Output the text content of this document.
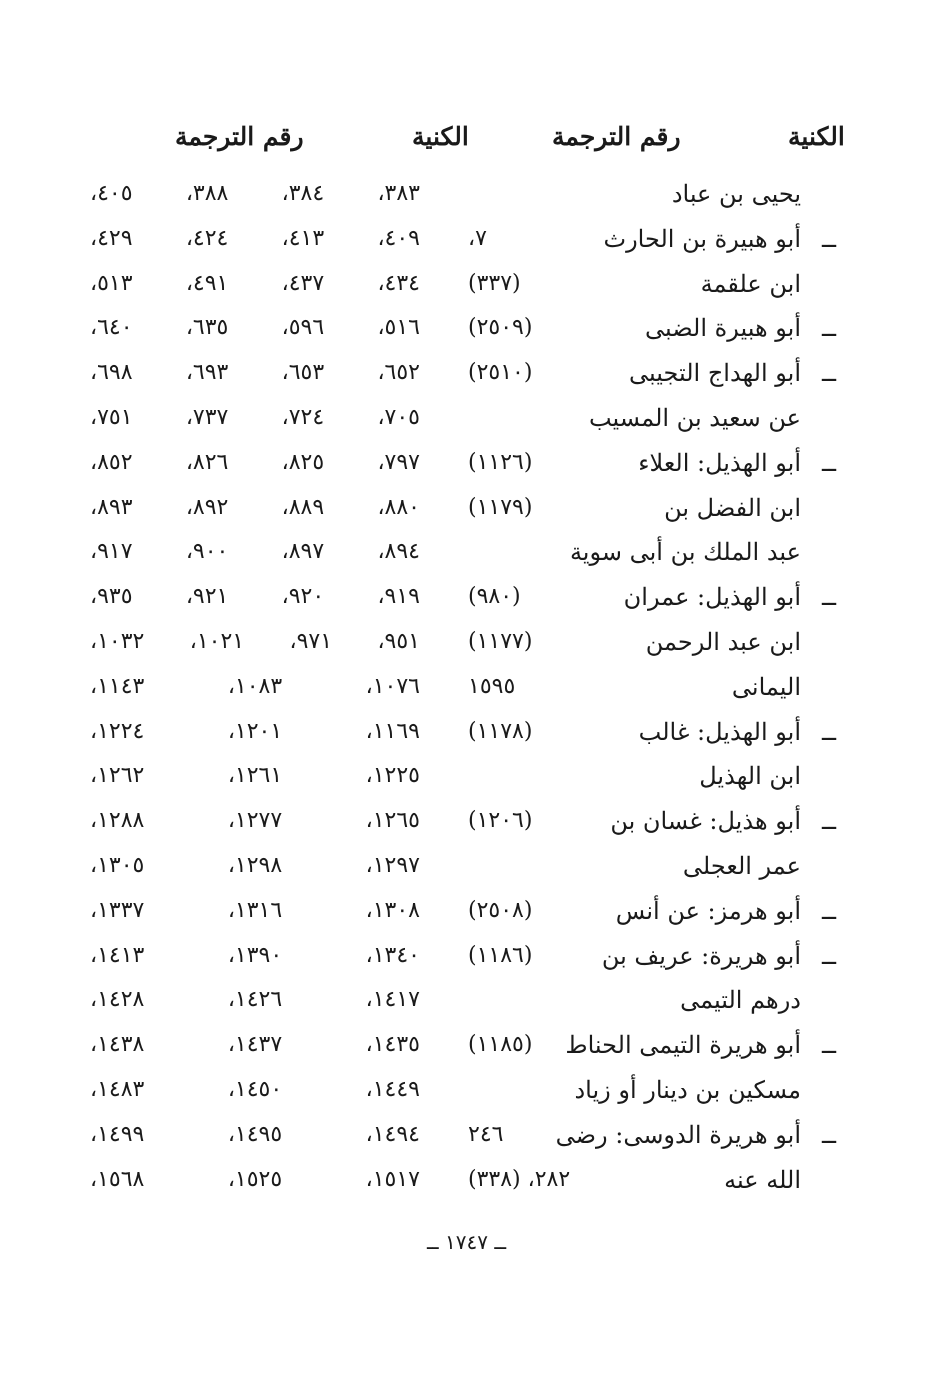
الكنية
رقم الترجمة
الكنية
رقم الترجمة
يحيى بن عباد
٣٨٣، ٣٨٤، ٣٨٨، ٤٠٥،
ــ
أبو هبيرة بن الحارث
٧،
٤٠٩، ٤١٣، ٤٢٤، ٤٢٩،
ابن علقمة
(٣٣٧)
٤٣٤، ٤٣٧، ٤٩١، ٥١٣،
ــ
أبو هبيرة الضبى
(٢٥٠٩)
٥١٦، ٥٩٦، ٦٣٥، ٦٤٠،
ــ
أبو الهداج التجيبى
(٢٥١٠)
٦٥٢، ٦٥٣، ٦٩٣، ٦٩٨،
عن سعيد بن المسيب
٧٠٥، ٧٢٤، ٧٣٧، ٧٥١،
ــ
أبو الهذيل: العلاء
(١١٢٦)
٧٩٧، ٨٢٥، ٨٢٦، ٨٥٢،
ابن الفضل بن
(١١٧٩)
٨٨٠، ٨٨٩، ٨٩٢، ٨٩٣،
عبد الملك بن أبى سوية
٨٩٤، ٨٩٧، ٩٠٠، ٩١٧،
ــ
أبو الهذيل: عمران
(٩٨٠)
٩١٩، ٩٢٠، ٩٢١، ٩٣٥،
ابن عبد الرحمن
(١١٧٧)
٩٥١، ٩٧١، ١٠٢١، ١٠٣٢،
اليمانى
١٥٩٥
١٠٧٦، ١٠٨٣، ١١٤٣،
ــ
أبو الهذيل: غالب
(١١٧٨)
١١٦٩، ١٢٠١، ١٢٢٤،
ابن الهذيل
١٢٢٥، ١٢٦١، ١٢٦٢،
ــ
أبو هذيل: غسان بن
(١٢٠٦)
١٢٦٥، ١٢٧٧، ١٢٨٨،
عمر العجلى
١٢٩٧، ١٢٩٨، ١٣٠٥،
ــ
أبو هرمز: عن أنس
(٢٥٠٨)
١٣٠٨، ١٣١٦، ١٣٣٧،
ــ
أبو هريرة: عريف بن
(١١٨٦)
١٣٤٠، ١٣٩٠، ١٤١٣،
درهم التيمى
١٤١٧، ١٤٢٦، ١٤٢٨،
ــ
أبو هريرة التيمى الحناط
(١١٨٥)
١٤٣٥، ١٤٣٧، ١٤٣٨،
مسكين بن دينار أو زياد
١٤٤٩، ١٤٥٠، ١٤٨٣،
ــ
أبو هريرة الدوسى: رضى
٢٤٦
١٤٩٤، ١٤٩٥، ١٤٩٩،
الله عنه
٢٨٢، (٣٣٨)
١٥١٧، ١٥٢٥، ١٥٦٨،
ــ ١٧٤٧ ــ
